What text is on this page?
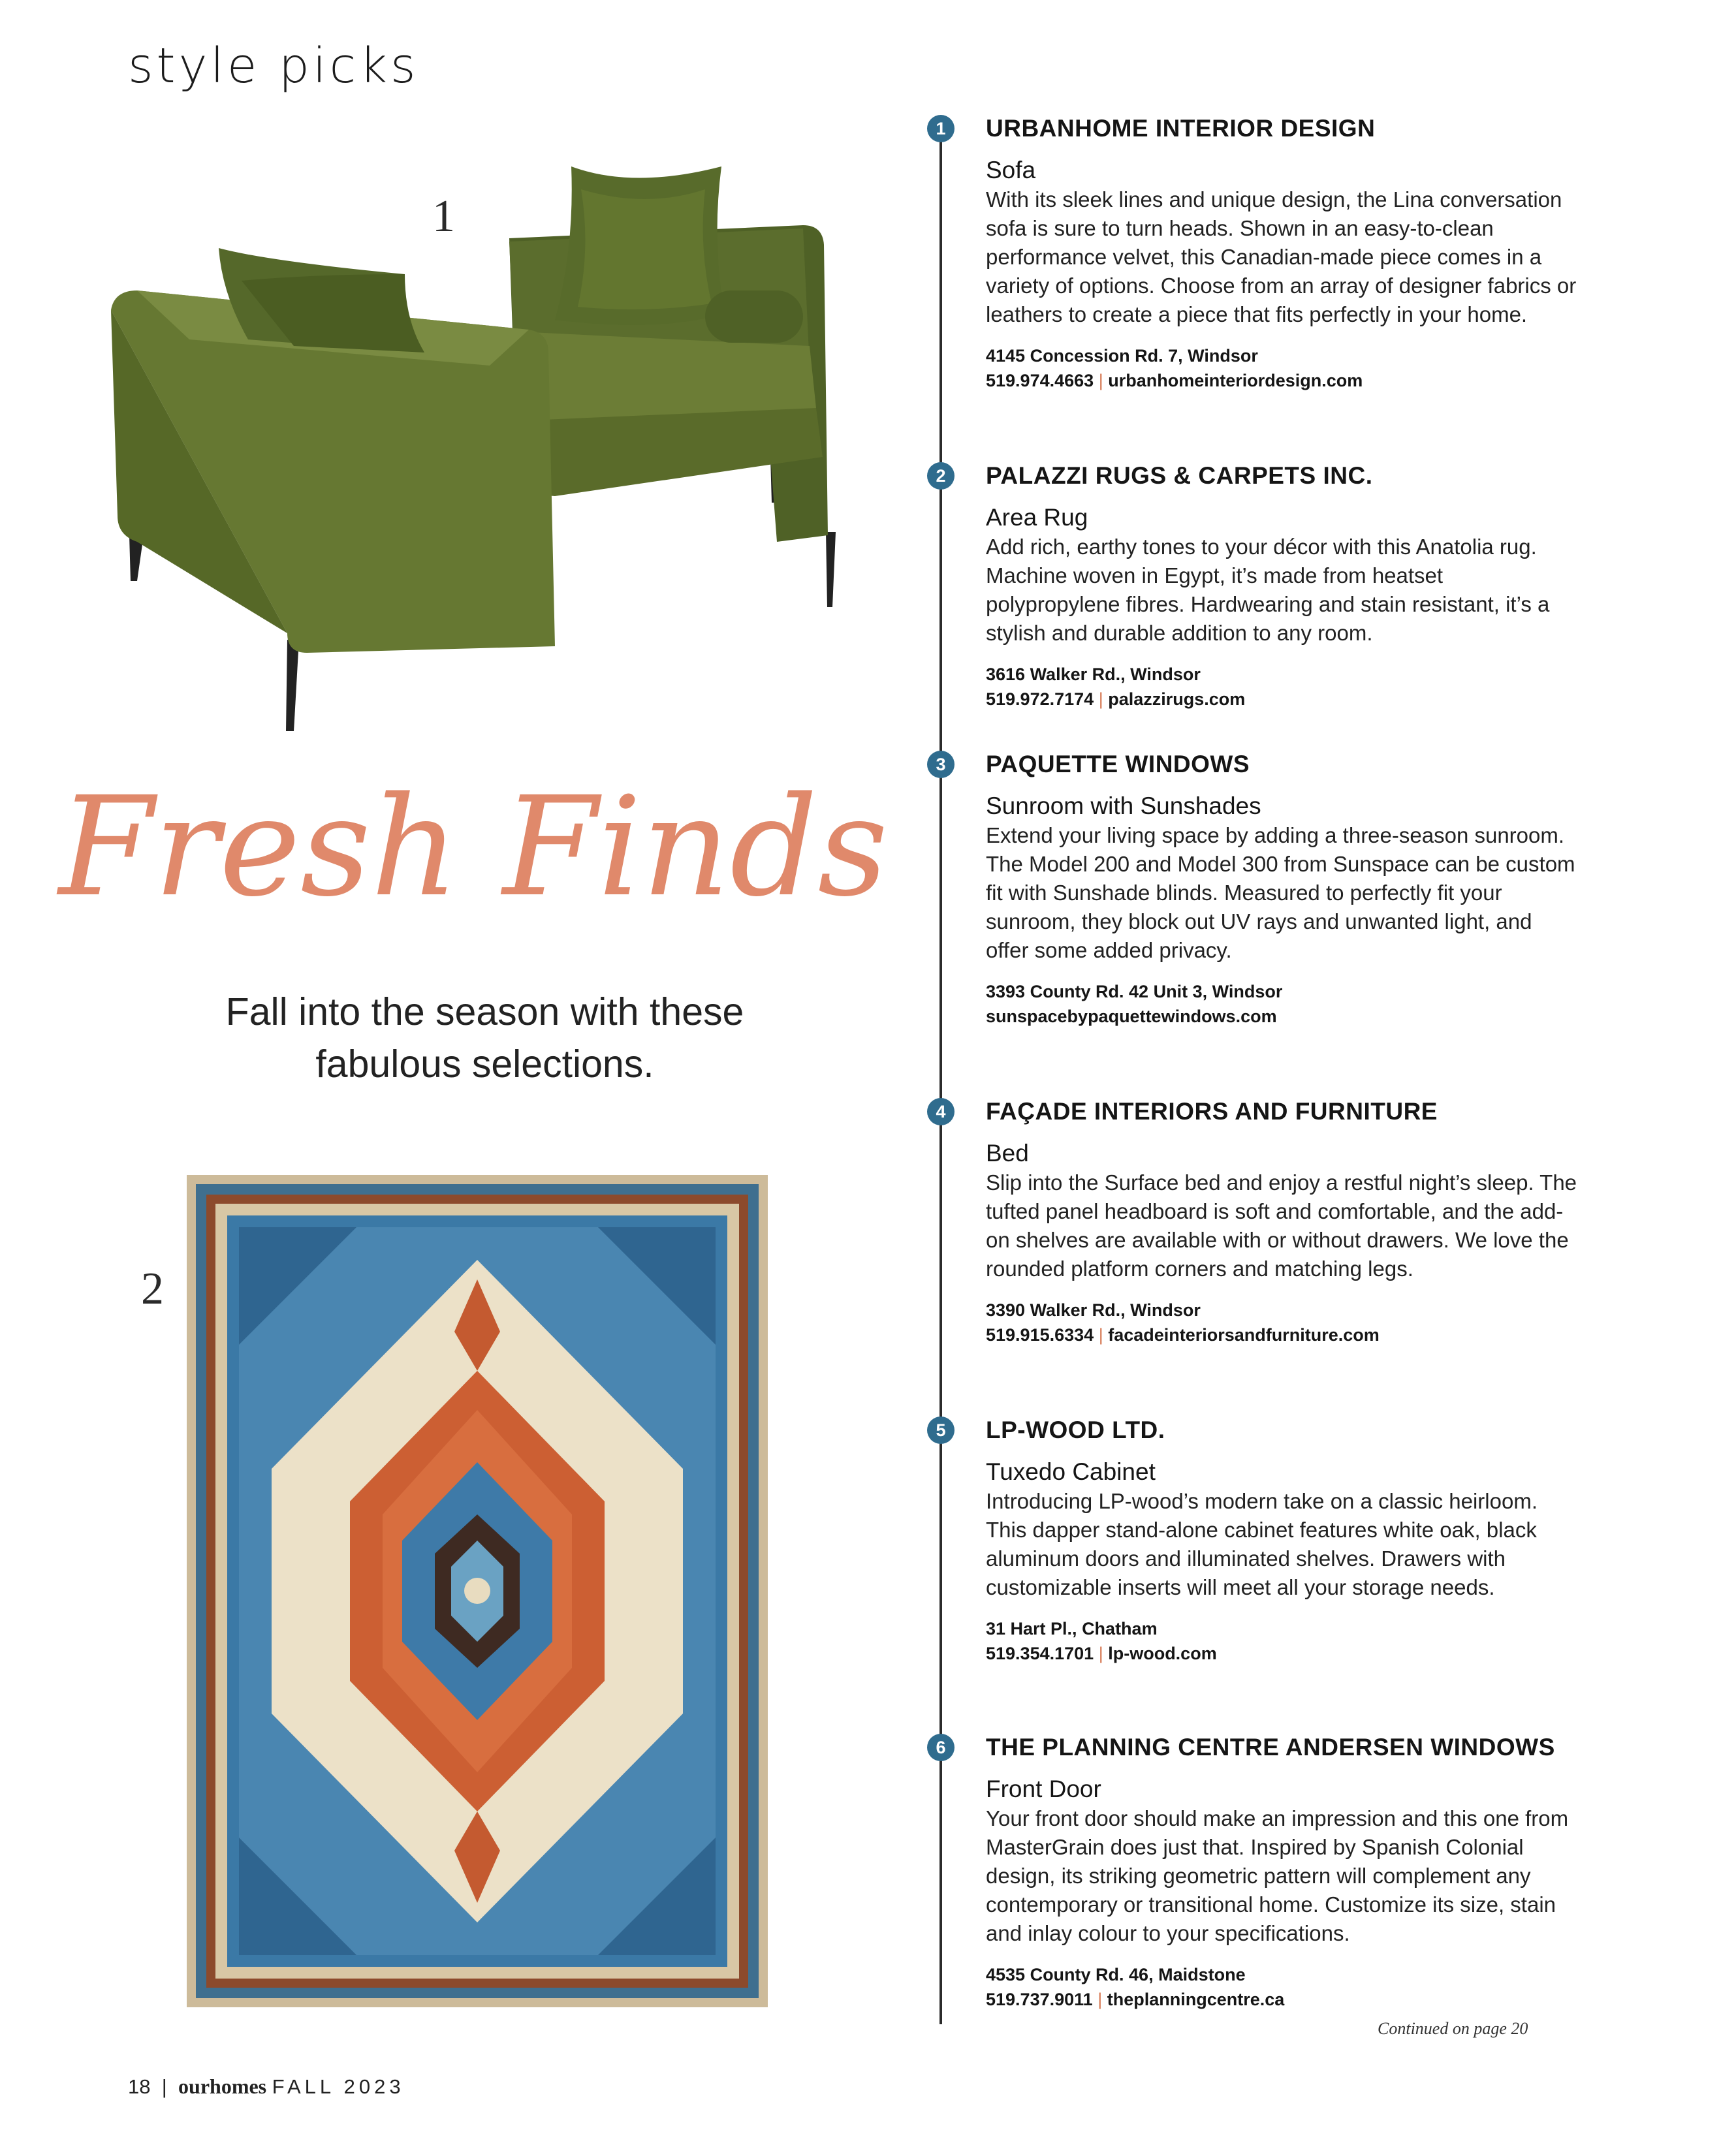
style picks
1
2
Fresh Finds
Fall into the season with these
fabulous selections.
1	URBANHOME INTERIOR DESIGN
Sofa
With its sleek lines and unique design, the Lina conversation sofa is sure to turn heads. Shown in an easy-to-clean performance velvet, this Canadian-made piece comes in a variety of options. Choose from an array of designer fabrics or leathers to create a piece that fits perfectly in your home.
4145 Concession Rd. 7, Windsor
519.974.4663 | urbanhomeinteriordesign.com
2	PALAZZI RUGS & CARPETS INC.
Area Rug
Add rich, earthy tones to your décor with this Anatolia rug. Machine woven in Egypt, it’s made from heatset polypropylene fibres. Hardwearing and stain resistant, it’s a stylish and durable addition to any room.
3616 Walker Rd., Windsor
519.972.7174 | palazzirugs.com
3	PAQUETTE WINDOWS
Sunroom with Sunshades
Extend your living space by adding a three-season sunroom. The Model 200 and Model 300 from Sunspace can be custom fit with Sunshade blinds. Measured to perfectly fit your sunroom, they block out UV rays and unwanted light, and offer some added privacy.
3393 County Rd. 42 Unit 3, Windsor
sunspacebypaquettewindows.com
4	FAÇADE INTERIORS AND FURNITURE
Bed
Slip into the Surface bed and enjoy a restful night’s sleep. The tufted panel headboard is soft and comfortable, and the add-on shelves are available with or without drawers. We love the rounded platform corners and matching legs.
3390 Walker Rd., Windsor
519.915.6334 | facadeinteriorsandfurniture.com
5	LP-WOOD LTD.
Tuxedo Cabinet
Introducing LP-wood’s modern take on a classic heirloom. This dapper stand-alone cabinet features white oak, black aluminum doors and illuminated shelves. Drawers with customizable inserts will meet all your storage needs.
31 Hart Pl., Chatham
519.354.1701 | lp-wood.com
6	THE PLANNING CENTRE ANDERSEN WINDOWS
Front Door
Your front door should make an impression and this one from MasterGrain does just that. Inspired by Spanish Colonial design, its striking geometric pattern will complement any contemporary or transitional home. Customize its size, stain and inlay colour to your specifications.
4535 County Rd. 46, Maidstone
519.737.9011 | theplanningcentre.ca
Continued on page 20
18 | ourhomes FALL 2023
